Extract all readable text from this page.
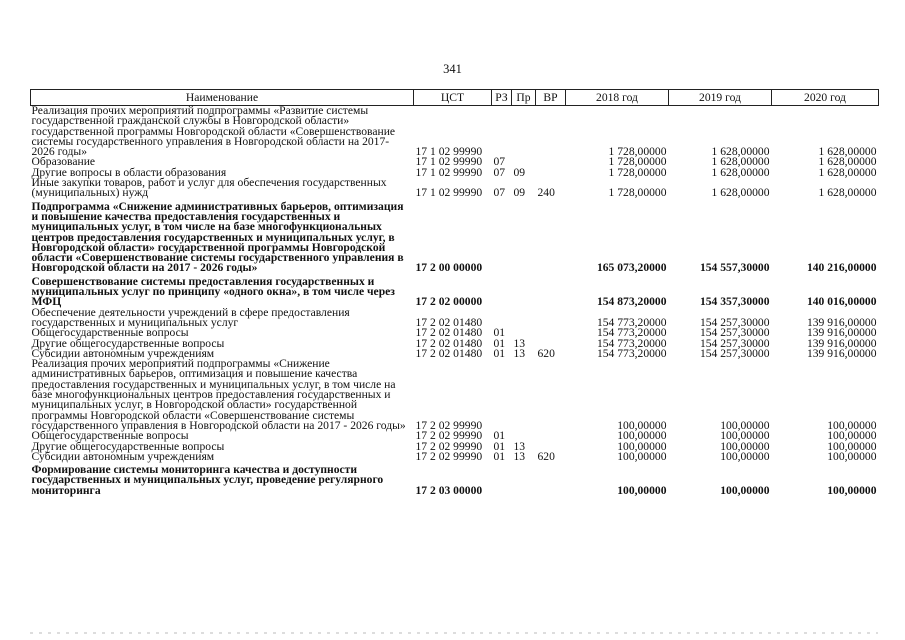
341
Наименование	ЦСТ	РЗ	Пр	ВР	2018 год	2019 год	2020 год
Реализация прочих мероприятий подпрограммы «Развитие системы государственной гражданской службы в Новгородской области» государственной программы Новгородской области «Совершенствование системы государственного управления в Новгородской области на 2017-2026 годы»	17 1 02 99990				1 728,00000	1 628,00000	1 628,00000
Образование	17 1 02 99990	07			1 728,00000	1 628,00000	1 628,00000
Другие вопросы в области образования	17 1 02 99990	07	09		1 728,00000	1 628,00000	1 628,00000
Иные закупки товаров, работ и услуг для обеспечения государственных (муниципальных) нужд	17 1 02 99990	07	09	240	1 728,00000	1 628,00000	1 628,00000
Подпрограмма «Снижение административных барьеров, оптимизация и повышение качества предоставления государственных и муниципальных услуг, в том числе на базе многофункциональных центров предоставления государственных и муниципальных услуг, в Новгородской области» государственной программы Новгородской области «Совершенствование системы государственного управления в Новгородской области на 2017 - 2026 годы»	17 2 00 00000				165 073,20000	154 557,30000	140 216,00000
Совершенствование системы предоставления государственных и муниципальных услуг по принципу «одного окна», в том числе через МФЦ	17 2 02 00000				154 873,20000	154 357,30000	140 016,00000
Обеспечение деятельности учреждений в сфере предоставления государственных и муниципальных услуг	17 2 02 01480				154 773,20000	154 257,30000	139 916,00000
Общегосударственные вопросы	17 2 02 01480	01			154 773,20000	154 257,30000	139 916,00000
Другие общегосударственные вопросы	17 2 02 01480	01	13		154 773,20000	154 257,30000	139 916,00000
Субсидии автономным учреждениям	17 2 02 01480	01	13	620	154 773,20000	154 257,30000	139 916,00000
Реализация прочих мероприятий подпрограммы «Снижение административных барьеров, оптимизация и повышение качества предоставления государственных и муниципальных услуг, в том числе на базе многофункциональных центров предоставления государственных и муниципальных услуг, в Новгородской области» государственной программы Новгородской области «Совершенствование системы государственного управления в Новгородской области на 2017 - 2026 годы»	17 2 02 99990				100,00000	100,00000	100,00000
Общегосударственные вопросы	17 2 02 99990	01			100,00000	100,00000	100,00000
Другие общегосударственные вопросы	17 2 02 99990	01	13		100,00000	100,00000	100,00000
Субсидии автономным учреждениям	17 2 02 99990	01	13	620	100,00000	100,00000	100,00000
Формирование системы мониторинга качества и доступности государственных и муниципальных услуг, проведение регулярного мониторинга	17 2 03 00000				100,00000	100,00000	100,00000
